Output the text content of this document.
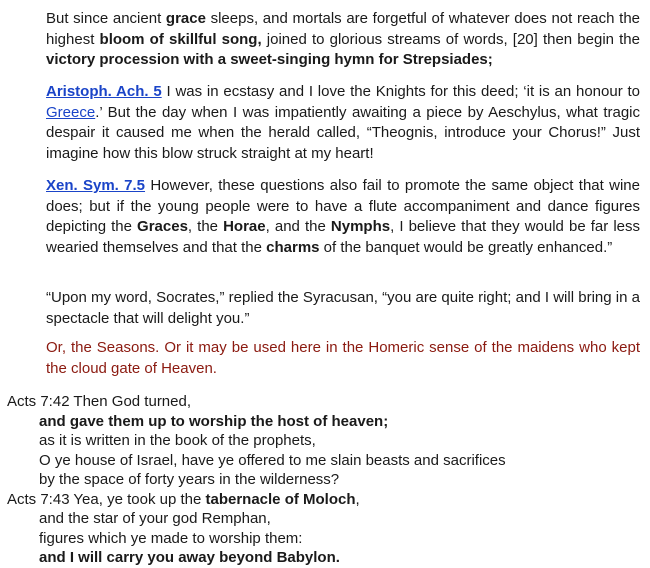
But since ancient grace sleeps, and mortals are forgetful of whatever does not reach the highest bloom of skillful song, joined to glorious streams of words, [20] then begin the victory procession with a sweet-singing hymn for Strepsiades;

Aristoph. Ach. 5 I was in ecstasy and I love the Knights for this deed; ‘it is an honour to Greece.’ But the day when I was impatiently awaiting a piece by Aeschylus, what tragic despair it caused me when the herald called, “Theognis, introduce your Chorus!” Just imagine how this blow struck straight at my heart!

Xen. Sym. 7.5 However, these questions also fail to promote the same object that wine does; but if the young people were to have a flute accompaniment and dance figures depicting the Graces, the Horae, and the Nymphs, I believe that they would be far less wearied themselves and that the charms of the banquet would be greatly enhanced.”

“Upon my word, Socrates,” replied the Syracusan, “you are quite right; and I will bring in a spectacle that will delight you.”

Or, the Seasons. Or it may be used here in the Homeric sense of the maidens who kept the cloud gate of Heaven.

Acts 7:42 Then God turned,
and gave them up to worship the host of heaven;
as it is written in the book of the prophets,
O ye house of Israel, have ye offered to me slain beasts and sacrifices
by the space of forty years in the wilderness?
Acts 7:43 Yea, ye took up the tabernacle of Moloch,
and the star of your god Remphan,
figures which ye made to worship them:
and I will carry you away beyond Babylon.
